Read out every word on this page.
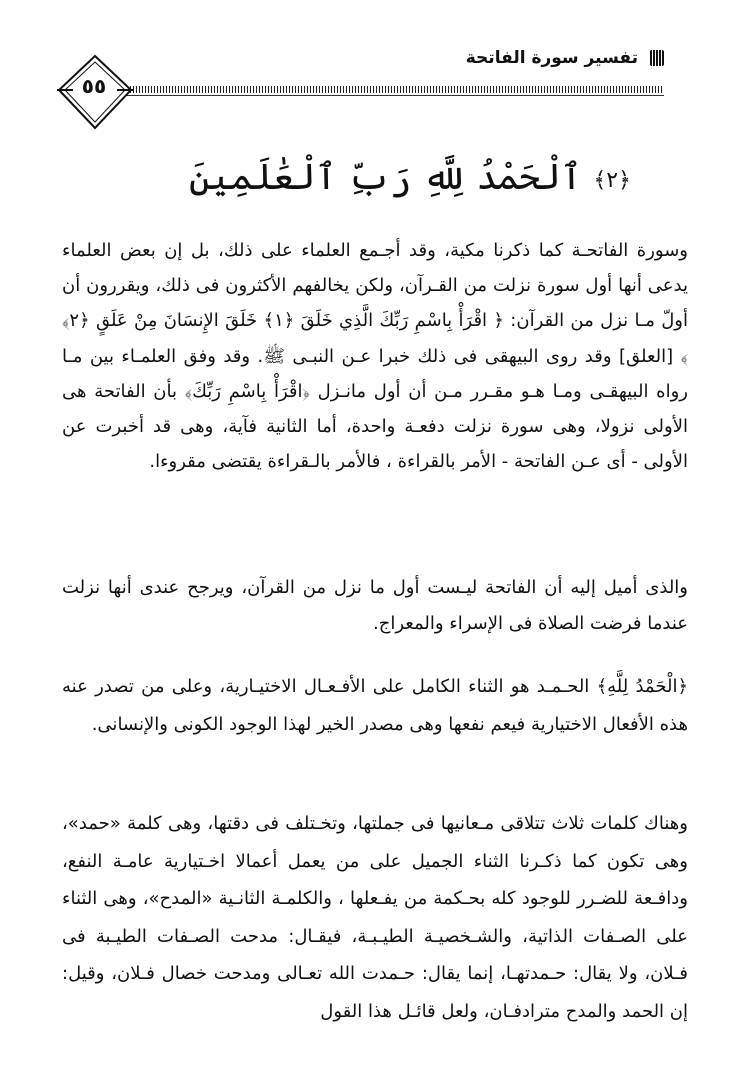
تفسير سورة الفاتحة
٥٥
﴿٢﴾ ٱلْحَمْدُ لِلَّهِ رَبِّ ٱلْعَٰلَمِينَ

وسورة الفاتحـة كما ذكرنا مكية، وقد أجـمع العلماء على ذلك، بل إن بعض العلماء يدعى أنها أول سورة نزلت من القـرآن، ولكن يخالفهم الأكثرون فى ذلك، ويقررون أن أولّ مـا نزل من القرآن: ﴿ اقْرَأْ بِاسْمِ رَبِّكَ الَّذِي خَلَقَ ﴿١﴾ خَلَقَ الإِنسَانَ مِنْ عَلَقٍ ﴿٢﴾ ﴾ [العلق] وقد روى البيهقى فى ذلك خبرا عـن النبـى ﷺ. وقد وفق العلمـاء بين مـا رواه البيهقـى ومـا هـو مقـرر مـن أن أول مانـزل ﴿اقْرَأْ بِاسْمِ رَبِّكَ﴾ بأن الفاتحة هى الأولى نزولا، وهى سورة نزلت دفعـة واحدة، أما الثانية فآية، وهى قد أخبرت عن الأولى - أى عـن الفاتحة - الأمر بالقراءة ، فالأمر بالـقراءة يقتضى مقروءا.

والذى أميل إليه أن الفاتحة ليـست أول ما نزل من القرآن، ويرجح عندى أنها نزلت عندما فرضت الصلاة فى الإسراء والمعراج.

﴿الْحَمْدُ لِلَّهِ﴾ الحـمـد هو الثناء الكامل على الأفـعـال الاختيـارية، وعلى من تصدر عنه هذه الأفعال الاختيارية فيعم نفعها وهى مصدر الخير لهذا الوجود الكونى والإنسانى.

وهناك كلمات ثلاث تتلاقى مـعانيها فى جملتها، وتخـتلف فى دقتها، وهى كلمة «حمد»، وهى تكون كما ذكـرنا الثناء الجميل على من يعمل أعمالا اخـتيارية عامـة النفع، ودافـعة للضـرر للوجود كله بحـكمة من يفـعلها ، والكلمـة الثانـية «المدح»، وهى الثناء على الصـفات الذاتية، والشـخصيـة الطيـبـة، فيقـال: مدحت الصـفات الطيـبة فى فـلان، ولا يقال: حـمدتهـا، إنما يقال: حـمدت الله تعـالى ومدحت خصال فـلان، وقيل: إن الحمد والمدح مترادفـان، ولعل قائـل هذا القول
